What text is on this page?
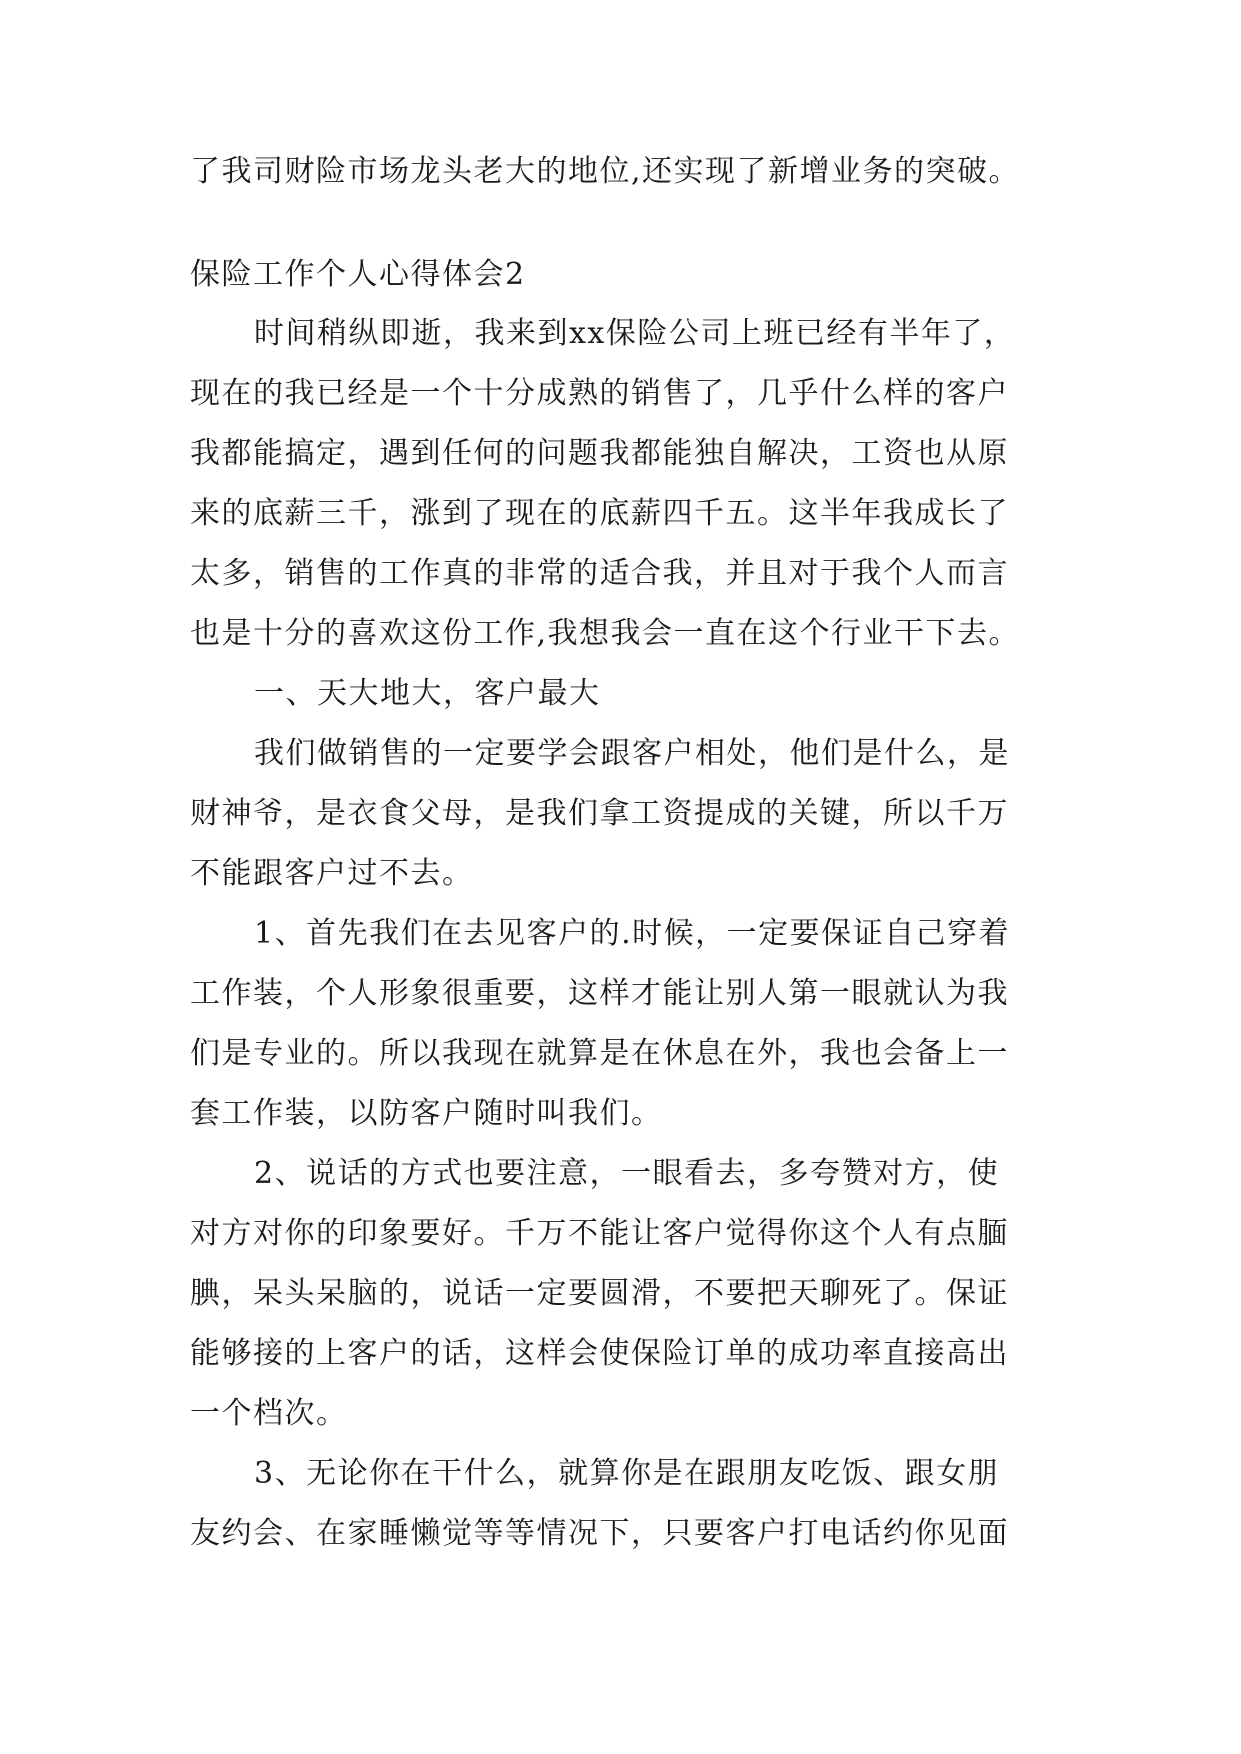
了我司财险市场龙头老大的地位,还实现了新增业务的突破。
保险工作个人心得体会2
时间稍纵即逝，我来到xx保险公司上班已经有半年了，
现在的我已经是一个十分成熟的销售了，几乎什么样的客户
我都能搞定，遇到任何的问题我都能独自解决，工资也从原
来的底薪三千，涨到了现在的底薪四千五。这半年我成长了
太多，销售的工作真的非常的适合我，并且对于我个人而言
也是十分的喜欢这份工作,我想我会一直在这个行业干下去。
一、天大地大，客户最大
我们做销售的一定要学会跟客户相处，他们是什么，是
财神爷，是衣食父母，是我们拿工资提成的关键，所以千万
不能跟客户过不去。
1、首先我们在去见客户的.时候，一定要保证自己穿着
工作装，个人形象很重要，这样才能让别人第一眼就认为我
们是专业的。所以我现在就算是在休息在外，我也会备上一
套工作装，以防客户随时叫我们。
2、说话的方式也要注意，一眼看去，多夸赞对方，使
对方对你的印象要好。千万不能让客户觉得你这个人有点腼
腆，呆头呆脑的，说话一定要圆滑，不要把天聊死了。保证
能够接的上客户的话，这样会使保险订单的成功率直接高出
一个档次。
3、无论你在干什么，就算你是在跟朋友吃饭、跟女朋
友约会、在家睡懒觉等等情况下，只要客户打电话约你见面
